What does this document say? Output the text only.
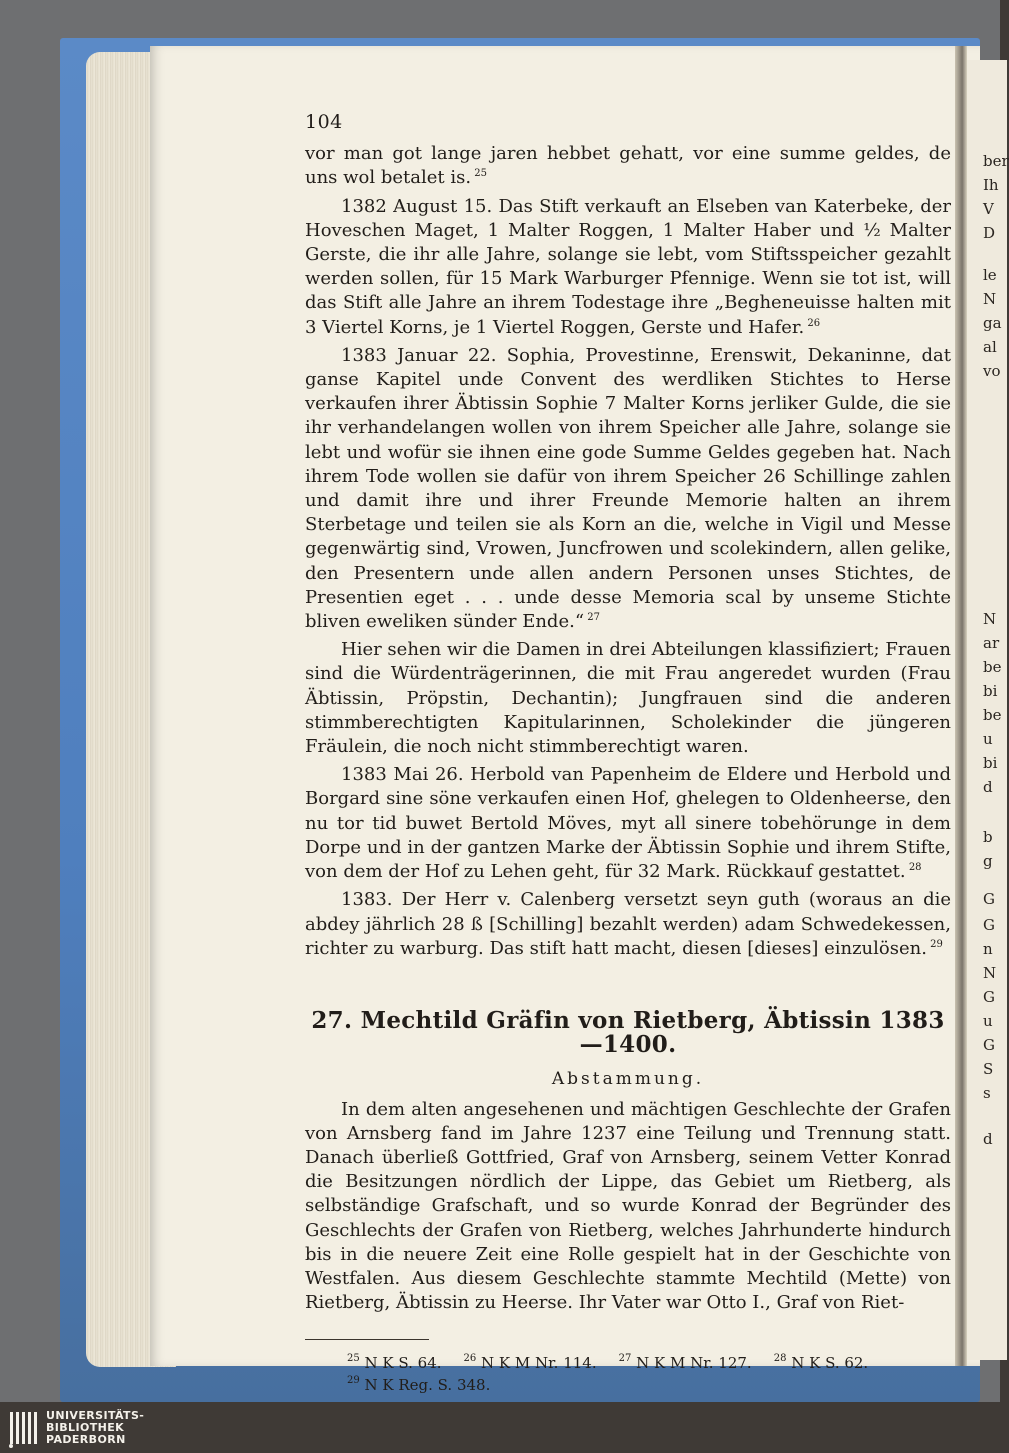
ber
Ih
V
D
le
N
ga
al
vo
N
ar
be
bi
be
u
bi
d
b
g
G
G
n
N
G
u
G
S
s
d
104

vor man got lange jaren hebbet gehatt, vor eine summe geldes, de uns wol betalet is. $^{25}$

1382 August 15. Das Stift verkauft an Elseben van Katerbeke, der Hoveschen Maget, 1 Malter Roggen, 1 Malter Haber und ½ Malter Gerste, die ihr alle Jahre, solange sie lebt, vom Stiftsspeicher gezahlt werden sollen, für 15 Mark Warburger Pfennige. Wenn sie tot ist, will das Stift alle Jahre an ihrem Todestage ihre „Begheneuisse halten mit 3 Viertel Korns, je 1 Viertel Roggen, Gerste und Hafer. $^{26}$

1383 Januar 22. Sophia, Provestinne, Erenswit, Dekaninne, dat ganse Kapitel unde Convent des werdliken Stichtes to Herse verkaufen ihrer Äbtissin Sophie 7 Malter Korns jerliker Gulde, die sie ihr verhandelangen wollen von ihrem Speicher alle Jahre, solange sie lebt und wofür sie ihnen eine gode Summe Geldes gegeben hat. Nach ihrem Tode wollen sie dafür von ihrem Speicher 26 Schillinge zahlen und damit ihre und ihrer Freunde Memorie halten an ihrem Sterbetage und teilen sie als Korn an die, welche in Vigil und Messe gegenwärtig sind, Vrowen, Juncfrowen und scolekindern, allen gelike, den Presentern unde allen andern Personen unses Stichtes, de Presentien eget . . . unde desse Memoria scal by unseme Stichte bliven eweliken sünder Ende.“ $^{27}$

Hier sehen wir die Damen in drei Abteilungen klassifiziert; Frauen sind die Würdenträgerinnen, die mit Frau angeredet wurden (Frau Äbtissin, Pröpstin, Dechantin); Jungfrauen sind die anderen stimmberechtigten Kapitularinnen, Scholekinder die jüngeren Fräulein, die noch nicht stimmberechtigt waren.

1383 Mai 26. Herbold van Papenheim de Eldere und Herbold und Borgard sine söne verkaufen einen Hof, ghelegen to Oldenheerse, den nu tor tid buwet Bertold Möves, myt all sinere tobehörunge in dem Dorpe und in der gantzen Marke der Äbtissin Sophie und ihrem Stifte, von dem der Hof zu Lehen geht, für 32 Mark. Rückkauf gestattet. $^{28}$

1383. Der Herr v. Calenberg versetzt seyn guth (woraus an die abdey jährlich 28 ß [Schilling] bezahlt werden) adam Schwedekessen, richter zu warburg. Das stift hatt macht, diesen [dieses] einzulösen. $^{29}$

27. Mechtild Gräfin von Rietberg, Äbtissin 1383—1400.
Abstammung.

In dem alten angesehenen und mächtigen Geschlechte der Grafen von Arnsberg fand im Jahre 1237 eine Teilung und Trennung statt. Danach überließ Gottfried, Graf von Arnsberg, seinem Vetter Konrad die Besitzungen nördlich der Lippe, das Gebiet um Rietberg, als selbständige Grafschaft, und so wurde Konrad der Begründer des Geschlechts der Grafen von Rietberg, welches Jahrhunderte hindurch bis in die neuere Zeit eine Rolle gespielt hat in der Geschichte von Westfalen. Aus diesem Geschlechte stammte Mechtild (Mette) von Rietberg, Äbtissin zu Heerse. Ihr Vater war Otto I., Graf von Riet-

$^{25}$ N K S. 64. $^{26}$ N K M Nr. 114. $^{27}$ N K M Nr. 127. $^{28}$ N K S. 62.
$^{29}$ N K Reg. S. 348.
UNIVERSITÄTS-
BIBLIOTHEK
PADERBORN
